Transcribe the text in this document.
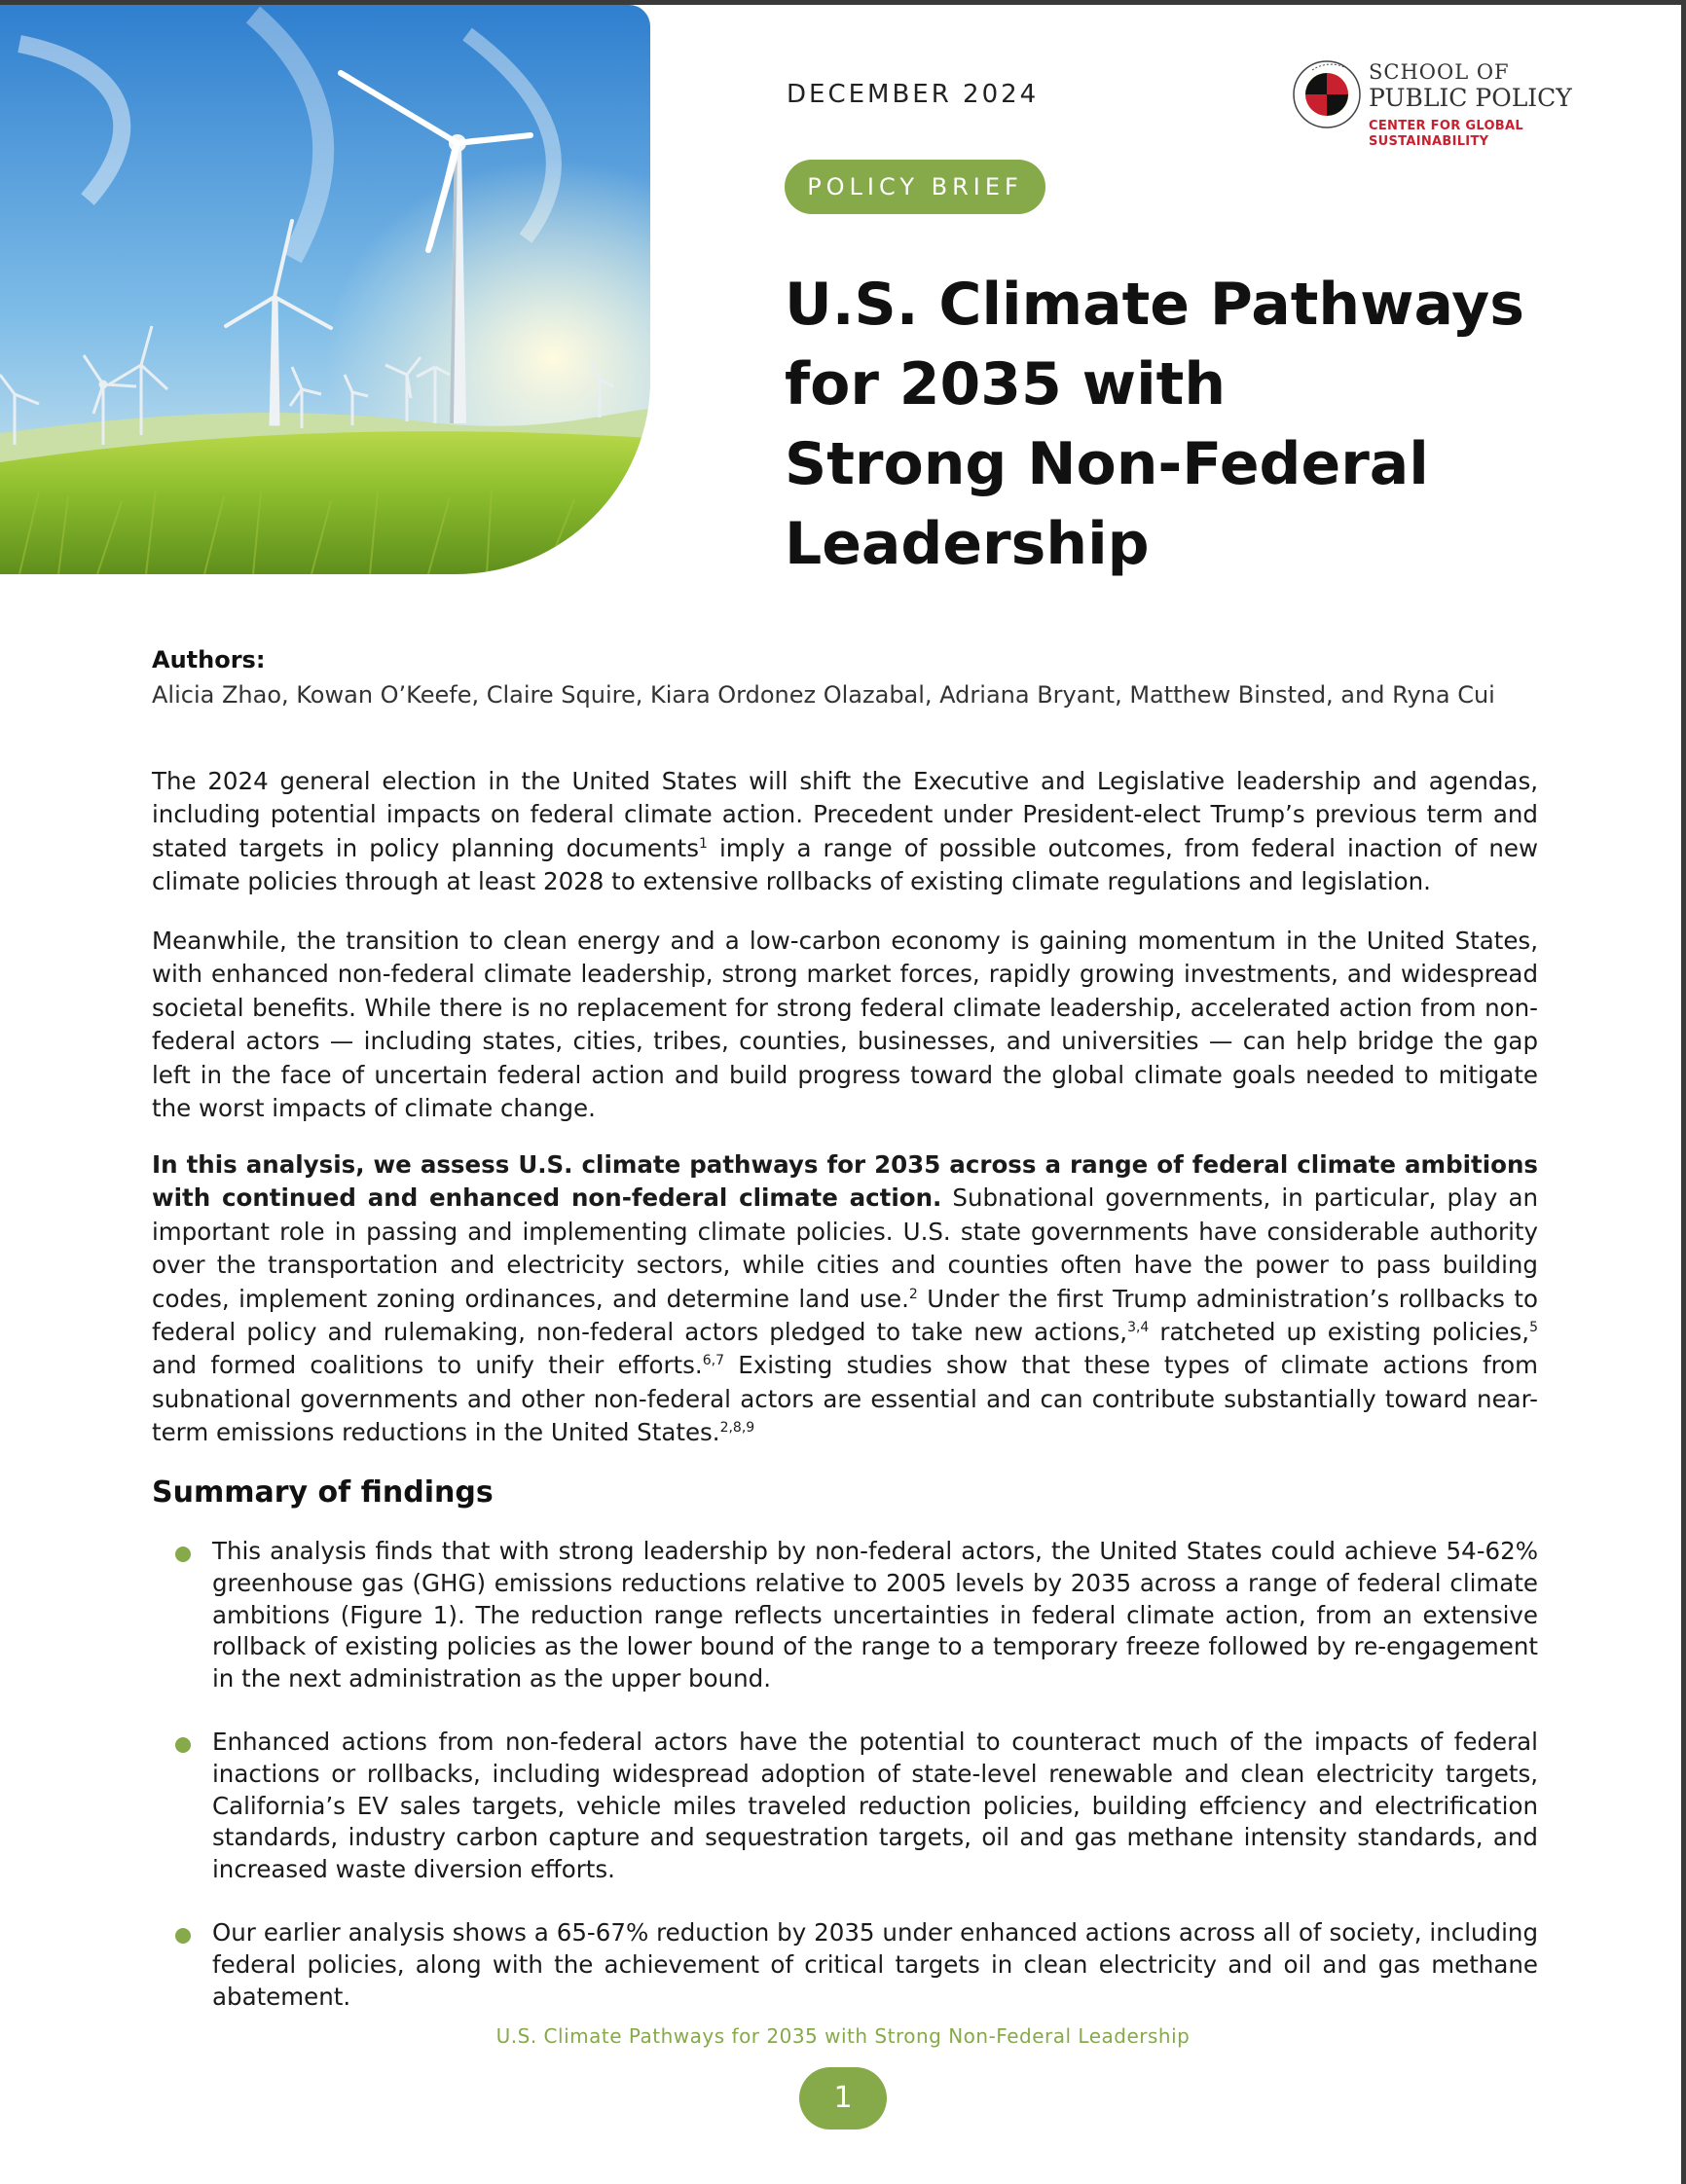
DECEMBER 2024
SCHOOL OF
PUBLIC POLICY
CENTER FOR GLOBAL SUSTAINABILITY
POLICY BRIEF
U.S. Climate Pathways
for 2035 with
Strong Non-Federal
Leadership
Authors:
Alicia Zhao, Kowan O’Keefe, Claire Squire, Kiara Ordonez Olazabal, Adriana Bryant, Matthew Binsted, and Ryna Cui

The 2024 general election in the United States will shift the Executive and Legislative leadership and agendas, including potential impacts on federal climate action. Precedent under President-elect Trump’s previous term and stated targets in policy planning documents$^1$ imply a range of possible outcomes, from federal inaction of new climate policies through at least 2028 to extensive rollbacks of existing climate regulations and legislation.

Meanwhile, the transition to clean energy and a low-carbon economy is gaining momentum in the United States, with enhanced non-federal climate leadership, strong market forces, rapidly growing investments, and widespread societal benefits. While there is no replacement for strong federal climate leadership, accelerated action from non-federal actors — including states, cities, tribes, counties, businesses, and universities — can help bridge the gap left in the face of uncertain federal action and build progress toward the global climate goals needed to mitigate the worst impacts of climate change.

In this analysis, we assess U.S. climate pathways for 2035 across a range of federal climate ambitions with continued and enhanced non-federal climate action. Subnational governments, in particular, play an important role in passing and implementing climate policies. U.S. state governments have considerable authority over the transportation and electricity sectors, while cities and counties often have the power to pass building codes, implement zoning ordinances, and determine land use.$^2$ Under the first Trump administration’s rollbacks to federal policy and rulemaking, non-federal actors pledged to take new actions,$^{3,4}$ ratcheted up existing policies,$^5$ and formed coalitions to unify their efforts.$^{6,7}$ Existing studies show that these types of climate actions from subnational governments and other non-federal actors are essential and can contribute substantially toward near-term emissions reductions in the United States.$^{2,8,9}$

Summary of findings
This analysis finds that with strong leadership by non-federal actors, the United States could achieve 54-62% greenhouse gas (GHG) emissions reductions relative to 2005 levels by 2035 across a range of federal climate ambitions (Figure 1). The reduction range reflects uncertainties in federal climate action, from an extensive rollback of existing policies as the lower bound of the range to a temporary freeze followed by re-engagement in the next administration as the upper bound.
Enhanced actions from non-federal actors have the potential to counteract much of the impacts of federal inactions or rollbacks, including widespread adoption of state-level renewable and clean electricity targets, California’s EV sales targets, vehicle miles traveled reduction policies, building effciency and electrification standards, industry carbon capture and sequestration targets, oil and gas methane intensity standards, and increased waste diversion efforts.
Our earlier analysis shows a 65-67% reduction by 2035 under enhanced actions across all of society, including federal policies, along with the achievement of critical targets in clean electricity and oil and gas methane abatement.
U.S. Climate Pathways for 2035 with Strong Non-Federal Leadership
1
